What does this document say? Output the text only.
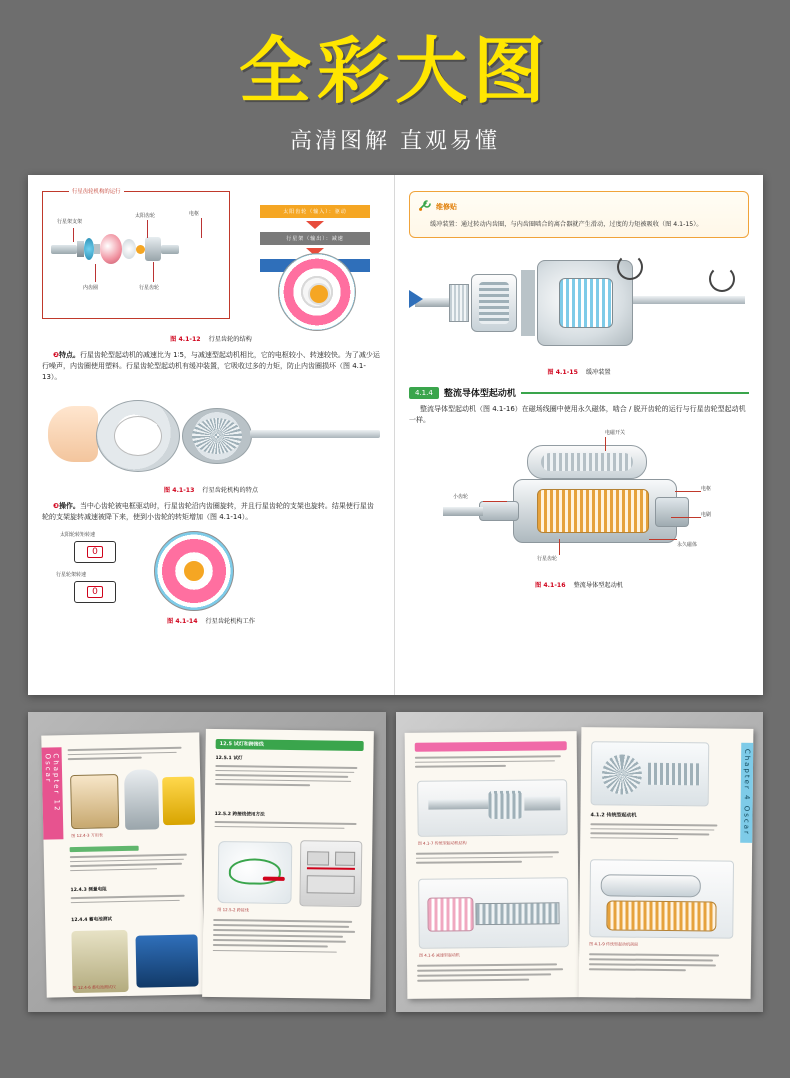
全彩大图
高清图解 直观易懂
行星齿轮机构的运行
行星架支架
太阳齿轮	电枢
内齿圈	行星齿轮
太阳齿轮（输入）：驱动
行星架（输出）：减速
图 4.1-12 行星齿轮的结构
❷特点。行星齿轮型起动机的减速比为 1∶5，与减速型起动机相比，它的电枢较小、转速较快。为了减少运行噪声，内齿圈使用塑料。行星齿轮型起动机有缓冲装置，它吸收过多的力矩，防止内齿圈损坏（图 4.1-13）。
图 4.1-13 行星齿轮机构的特点
❸操作。当中心齿轮被电框驱动时，行星齿轮沿内齿圈旋转，并且行星齿轮的支架也旋转。结果使行星齿轮的支架旋转减速被降下来，使到小齿轮的转矩增加（图 4.1-14）。
太阳轮转矩转速
0
行星轮架转速
0
图 4.1-14 行星齿轮机构工作
维修贴
缓冲装置：通过转动内齿圈，与内齿圈啮合的离合器就产生滑动，过度的力矩被吸收（图 4.1-15）。
图 4.1-15 缓冲装置
4.1.4	整流导体型起动机
整流导体型起动机（图 4.1-16）在磁场线圈中使用永久磁体，啮合 / 脱开齿轮的运行与行星齿轮型起动机一样。
电磁开关
小齿轮
电枢
电刷
永久磁体
行星齿轮
图 4.1-16 整流导体型起动机
Chapter 12 Oscar
图 12.4-3 万用表
12.4.3 测量电阻
12.4.4 蓄电池测试
图 12.4-6 蓄电池测试仪
12.5 试灯和跨接线
12.5.1 试灯
12.5.2 跨接线使用方法
图 12.5-2 跨接线
图 4.1-7 传统型起动机结构
图 4.1-6 减速型起动机
Chapter 4 Oscar
4.1.2 传统型起动机
图 4.1-9 传统型起动机剖面
